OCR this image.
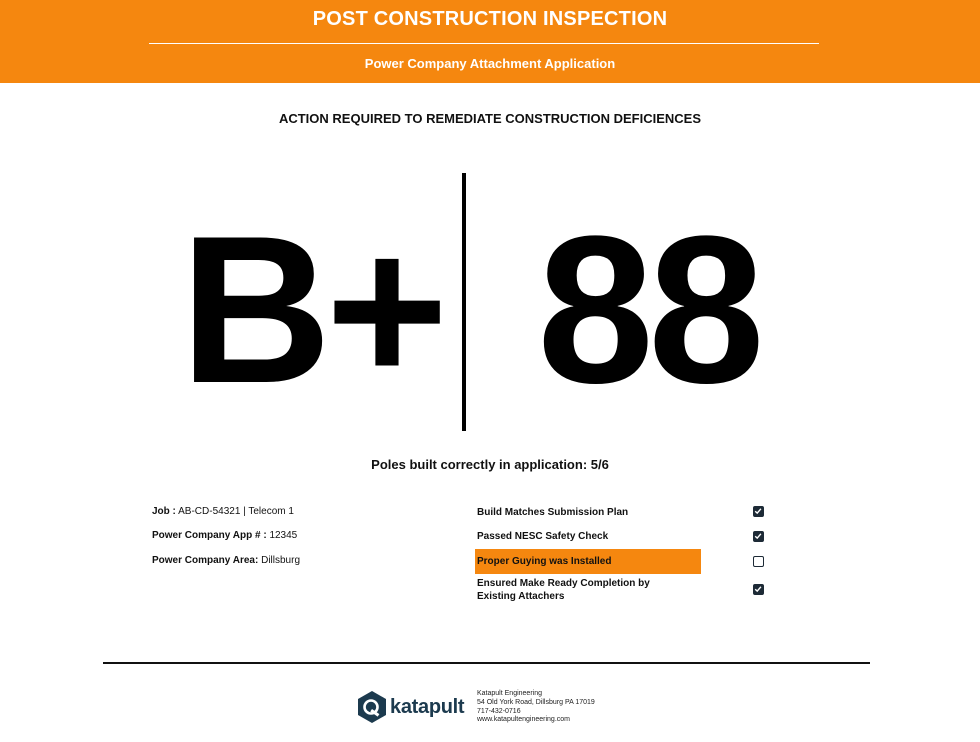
POST CONSTRUCTION INSPECTION
Power Company Attachment Application
ACTION REQUIRED TO REMEDIATE CONSTRUCTION DEFICIENCES
B+ 88
Poles built correctly in application: 5/6
Job : AB-CD-54321 | Telecom 1
Power Company App # : 12345
Power Company Area: Dillsburg
Build Matches Submission Plan
Passed NESC Safety Check
Proper Guying was Installed
Ensured Make Ready Completion by Existing Attachers
katapult
Katapult Engineering
54 Old York Road, Dillsburg PA 17019
717-432-0716
www.katapultengineering.com
